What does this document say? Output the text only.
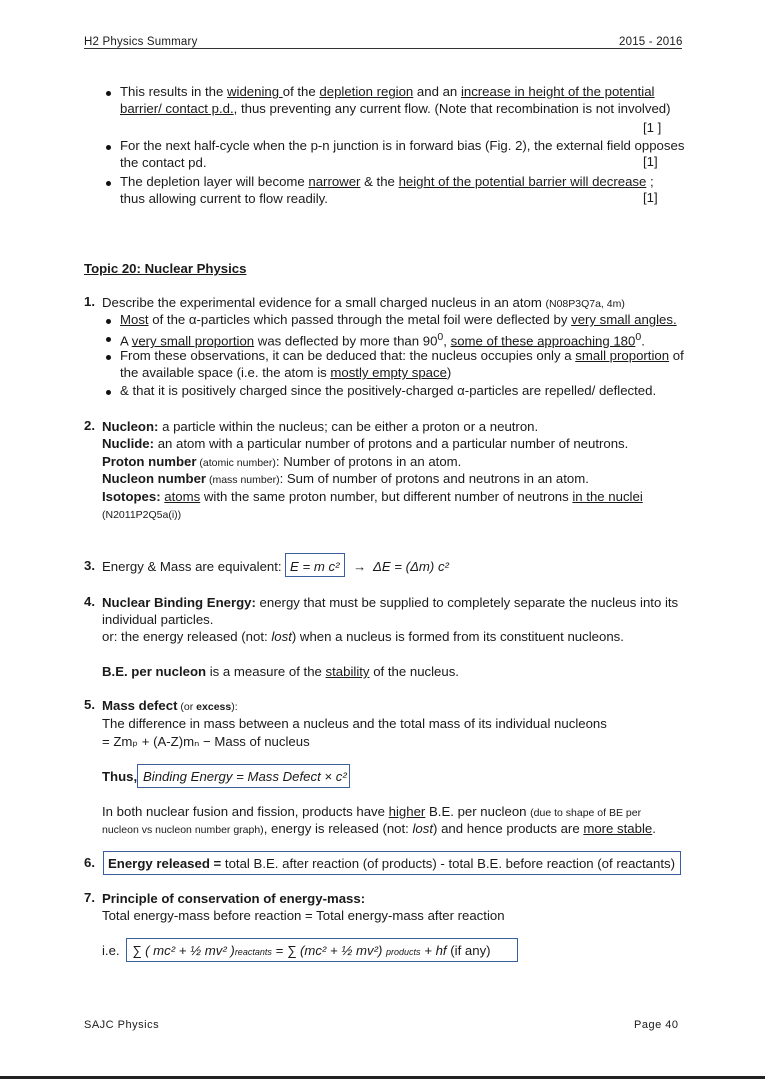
H2 Physics Summary	2015 - 2016
This results in the widening of the depletion region and an increase in height of the potential
barrier/ contact p.d., thus preventing any current flow. (Note that recombination is not involved)
[1 ]
For the next half-cycle when the p-n junction is in forward bias (Fig. 2), the external field opposes
the contact pd.	[1]
The depletion layer will become narrower & the height of the potential barrier will decrease ;
thus allowing current to flow readily.	[1]
Topic 20: Nuclear Physics
1. Describe the experimental evidence for a small charged nucleus in an atom (N08P3Q7a, 4m)
Most of the α-particles which passed through the metal foil were deflected by very small angles.
A very small proportion was deflected by more than $90^0$, some of these approaching $180^0$.
From these observations, it can be deduced that: the nucleus occupies only a small proportion of
the available space (i.e. the atom is mostly empty space)
& that it is positively charged since the positively-charged α-particles are repelled/ deflected.
2. Nucleon: a particle within the nucleus; can be either a proton or a neutron.
Nuclide: an atom with a particular number of protons and a particular number of neutrons.
Proton number (atomic number): Number of protons in an atom.
Nucleon number (mass number): Sum of number of protons and neutrons in an atom.
Isotopes: atoms with the same proton number, but different number of neutrons in the nuclei
(N2011P2Q5a(i))
3. Energy & Mass are equivalent: E = m c² → ΔE = (Δm) c²
4. Nuclear Binding Energy: energy that must be supplied to completely separate the nucleus into its
individual particles.
or: the energy released (not: lost) when a nucleus is formed from its constituent nucleons.
B.E. per nucleon is a measure of the stability of the nucleus.
5. Mass defect (or excess):
The difference in mass between a nucleus and the total mass of its individual nucleons
= Zmₚ + (A-Z)mₙ − Mass of nucleus
Thus, Binding Energy = Mass Defect × c²
In both nuclear fusion and fission, products have higher B.E. per nucleon (due to shape of BE per
nucleon vs nucleon number graph), energy is released (not: lost) and hence products are more stable.
6. Energy released = total B.E. after reaction (of products) - total B.E. before reaction (of reactants)
7. Principle of conservation of energy-mass:
Total energy-mass before reaction = Total energy-mass after reaction
i.e. ∑ ( mc² + ½ mv² )reactants = ∑ (mc² + ½ mv²) products + hf (if any)
SAJC Physics	Page 40
